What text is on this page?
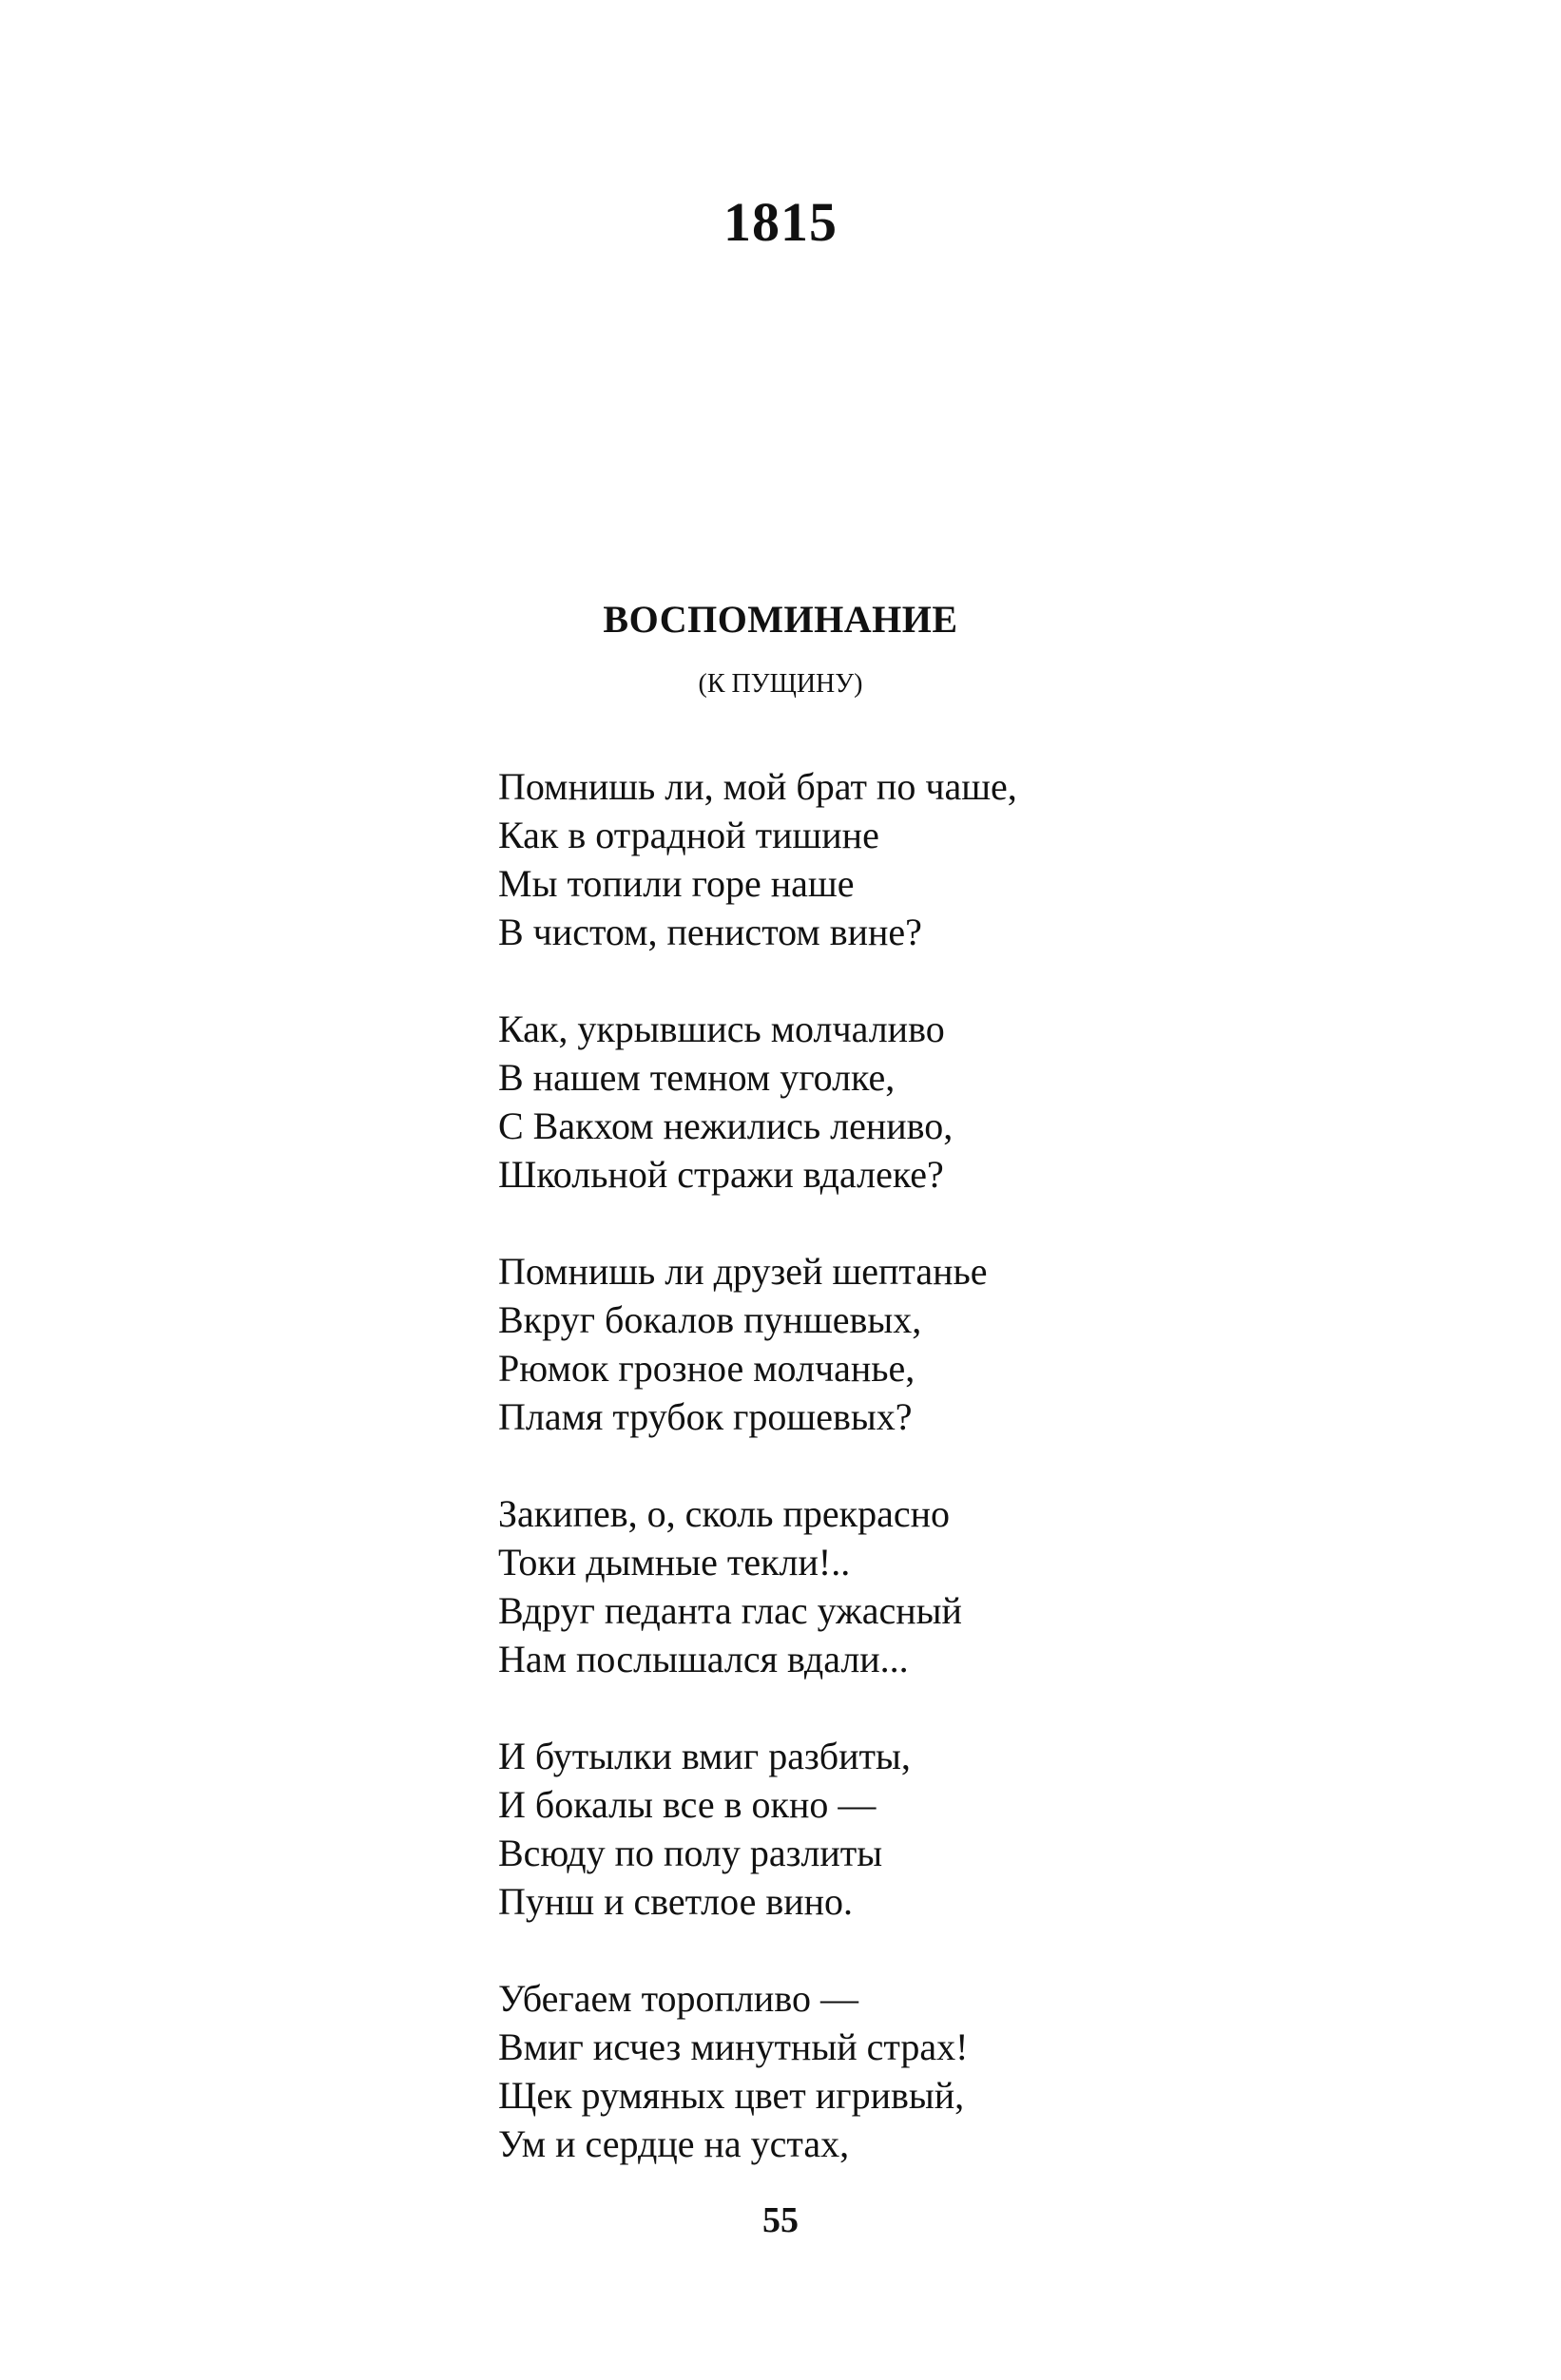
1815
ВОСПОМИНАНИЕ
(К ПУЩИНУ)
Помнишь ли, мой брат по чаше,
Как в отрадной тишине
Мы топили горе наше
В чистом, пенистом вине?
Как, укрывшись молчаливо
В нашем темном уголке,
С Вакхом нежились лениво,
Школьной стражи вдалеке?
Помнишь ли друзей шептанье
Вкруг бокалов пуншевых,
Рюмок грозное молчанье,
Пламя трубок грошевых?
Закипев, о, сколь прекрасно
Токи дымные текли!..
Вдруг педанта глас ужасный
Нам послышался вдали...
И бутылки вмиг разбиты,
И бокалы все в окно —
Всюду по полу разлиты
Пунш и светлое вино.
Убегаем торопливо —
Вмиг исчез минутный страх!
Щек румяных цвет игривый,
Ум и сердце на устах,
55
